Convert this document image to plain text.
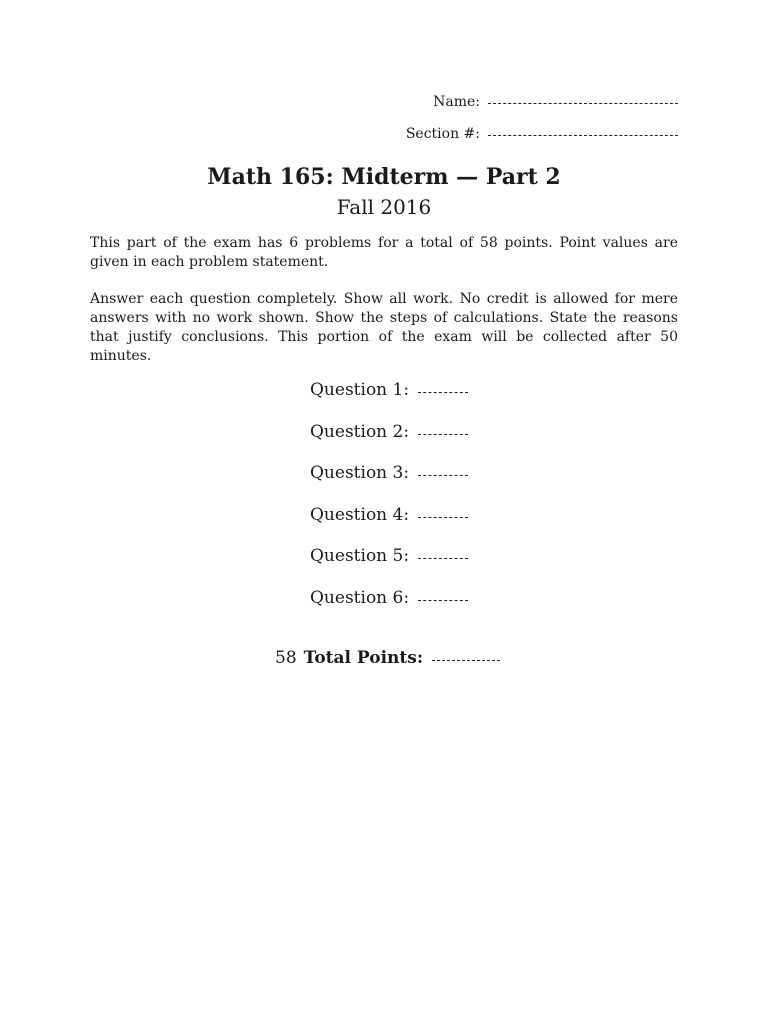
Name:
Section #:
Math 165: Midterm — Part 2
Fall 2016

This part of the exam has 6 problems for a total of 58 points. Point values are given in each problem statement.

Answer each question completely. Show all work. No credit is allowed for mere answers with no work shown. Show the steps of calculations. State the reasons that justify conclusions. This portion of the exam will be collected after 50 minutes.

Question 1:
Question 2:
Question 3:
Question 4:
Question 5:
Question 6:
58 Total Points:
